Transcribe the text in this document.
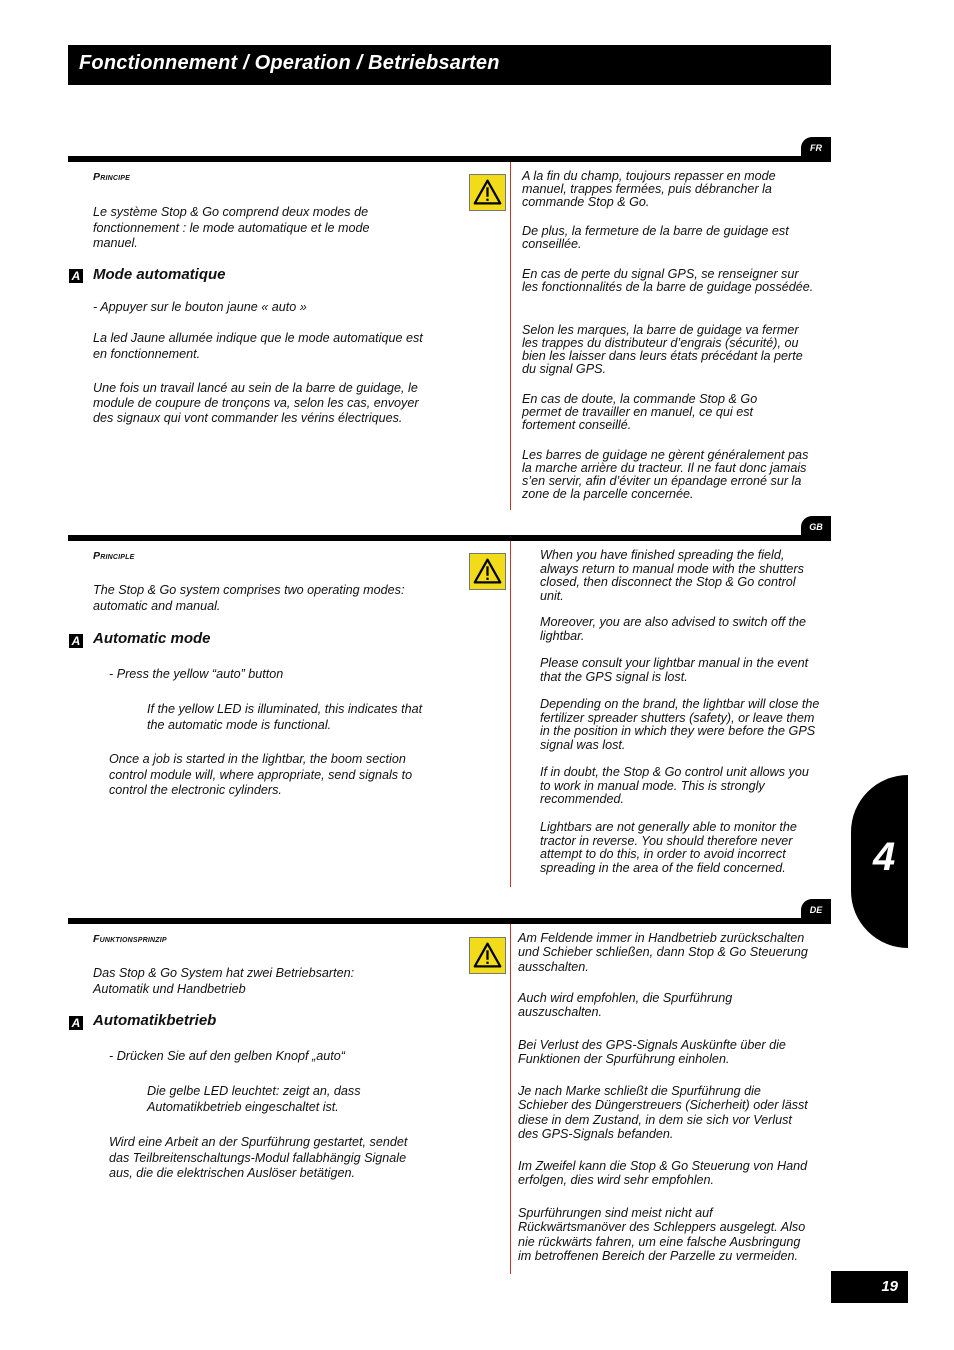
Fonctionnement / Operation / Betriebsarten
FR
Principe
Le système Stop & Go comprend deux modes de fonctionnement : le mode automatique et le mode manuel.
A Mode automatique
- Appuyer sur le bouton jaune « auto »
La led Jaune allumée indique que le mode automatique est en fonctionnement.
Une fois un travail lancé au sein de la barre de guidage, le module de coupure de tronçons va, selon les cas, envoyer des signaux qui vont commander les vérins électriques.
A la fin du champ, toujours repasser en mode manuel, trappes fermées, puis débrancher la commande Stop & Go.
De plus, la fermeture de la barre de guidage est conseillée.
En cas de perte du signal GPS, se renseigner sur les fonctionnalités de la barre de guidage possédée.
Selon les marques, la barre de guidage va fermer les trappes du distributeur d’engrais (sécurité), ou bien les laisser dans leurs états précédant la perte du signal GPS.
En cas de doute, la commande Stop & Go permet de travailler en manuel, ce qui est fortement conseillé.
Les barres de guidage ne gèrent généralement pas la marche arrière du tracteur. Il ne faut donc jamais s’en servir, afin d’éviter un épandage erroné sur la zone de la parcelle concernée.
GB
Principle
The Stop & Go system comprises two operating modes: automatic and manual.
A Automatic mode
- Press the yellow “auto” button
If the yellow LED is illuminated, this indicates that the automatic mode is functional.
Once a job is started in the lightbar, the boom section control module will, where appropriate, send signals to control the electronic cylinders.
When you have finished spreading the field, always return to manual mode with the shutters closed, then disconnect the Stop & Go control unit.
Moreover, you are also advised to switch off the lightbar.
Please consult your lightbar manual in the event that the GPS signal is lost.
Depending on the brand, the lightbar will close the fertilizer spreader shutters (safety), or leave them in the position in which they were before the GPS signal was lost.
If in doubt, the Stop & Go control unit allows you to work in manual mode. This is strongly recommended.
Lightbars are not generally able to monitor the tractor in reverse. You should therefore never attempt to do this, in order to avoid incorrect spreading in the area of the field concerned.
DE
Funktionsprinzip
Das Stop & Go System hat zwei Betriebsarten: Automatik und Handbetrieb
A Automatikbetrieb
- Drücken Sie auf den gelben Knopf „auto“
Die gelbe LED leuchtet: zeigt an, dass Automatikbetrieb eingeschaltet ist.
Wird eine Arbeit an der Spurführung gestartet, sendet das Teilbreitenschaltungs-Modul fallabhängig Signale aus, die die elektrischen Auslöser betätigen.
Am Feldende immer in Handbetrieb zurückschalten und Schieber schließen, dann Stop & Go Steuerung ausschalten.
Auch wird empfohlen, die Spurführung auszuschalten.
Bei Verlust des GPS-Signals Auskünfte über die Funktionen der Spurführung einholen.
Je nach Marke schließt die Spurführung die Schieber des Düngerstreuers (Sicherheit) oder lässt diese in dem Zustand, in dem sie sich vor Verlust des GPS-Signals befanden.
Im Zweifel kann die Stop & Go Steuerung von Hand erfolgen, dies wird sehr empfohlen.
Spurführungen sind meist nicht auf Rückwärtsmanöver des Schleppers ausgelegt. Also nie rückwärts fahren, um eine falsche Ausbringung im betroffenen Bereich der Parzelle zu vermeiden.
4
19
